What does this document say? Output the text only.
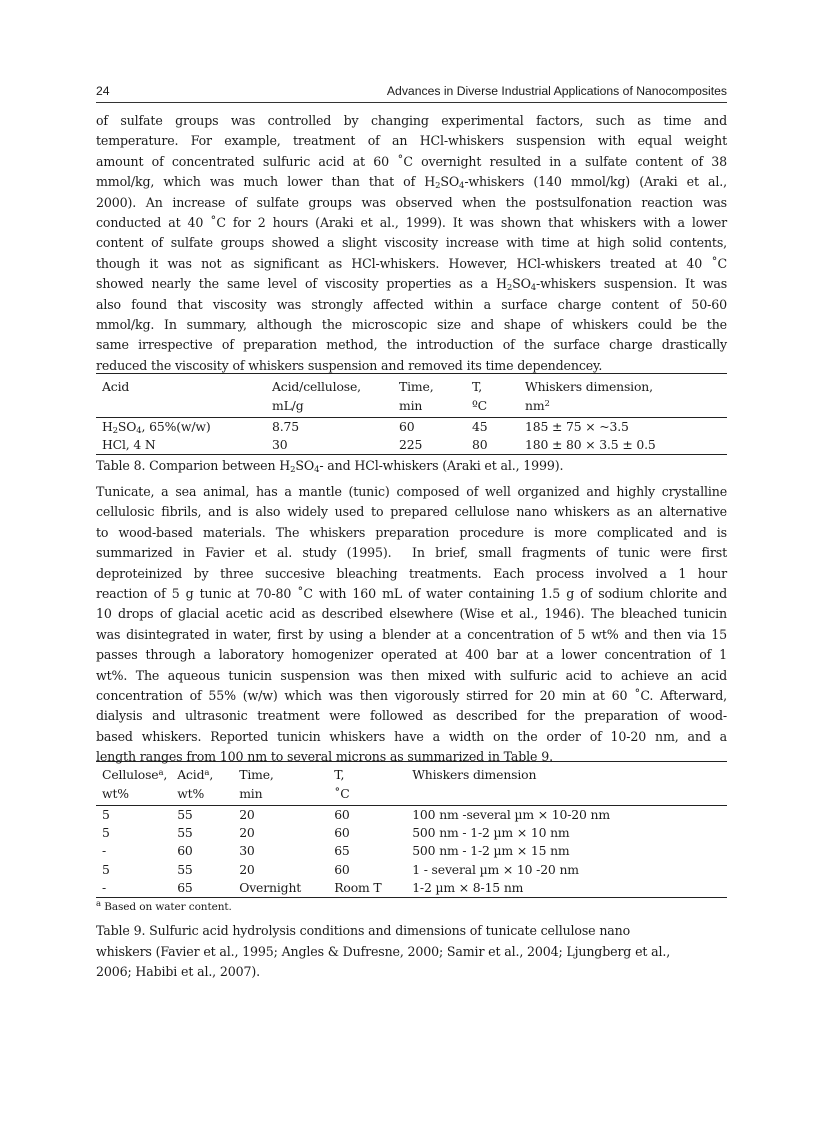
24	Advances in Diverse Industrial Applications of Nanocomposites
of sulfate groups was controlled by changing experimental factors, such as time and
temperature. For example, treatment of an HCl-whiskers suspension with equal weight
amount of concentrated sulfuric acid at 60 ˚C overnight resulted in a sulfate content of 38
mmol/kg, which was much lower than that of $H_2SO_4$-whiskers (140 mmol/kg) (Araki et al.,
2000). An increase of sulfate groups was observed when the postsulfonation reaction was
conducted at 40 ˚C for 2 hours (Araki et al., 1999). It was shown that whiskers with a lower
content of sulfate groups showed a slight viscosity increase with time at high solid contents,
though it was not as significant as HCl-whiskers. However, HCl-whiskers treated at 40 ˚C
showed nearly the same level of viscosity properties as a $H_2SO_4$-whiskers suspension. It was
also found that viscosity was strongly affected within a surface charge content of 50-60
mmol/kg. In summary, although the microscopic size and shape of whiskers could be the
same irrespective of preparation method, the introduction of the surface charge drastically
reduced the viscosity of whiskers suspension and removed its time dependencey.
Acid	Acid/cellulose,	Time,	T,	Whiskers dimension,
	mL/g	min	ºC	$nm^2$
$H_2SO_4$, 65%(w/w)	8.75	60	45	185 ± 75 × ~3.5
HCl, 4 N	30	225	80	180 ± 80 × 3.5 ± 0.5
Table 8. Comparion between $H_2SO_4-$ and HCl-whiskers (Araki et al., 1999).
Tunicate, a sea animal, has a mantle (tunic) composed of well organized and highly crystalline
cellulosic fibrils, and is also widely used to prepared cellulose nano whiskers as an alternative
to wood-based materials. The whiskers preparation procedure is more complicated and is
summarized in Favier et al. study (1995).  In brief, small fragments of tunic were first
deproteinized by three succesive bleaching treatments. Each process involved a 1 hour
reaction of 5 g tunic at 70-80 ˚C with 160 mL of water containing 1.5 g of sodium chlorite and
10 drops of glacial acetic acid as described elsewhere (Wise et al., 1946). The bleached tunicin
was disintegrated in water, first by using a blender at a concentration of 5 wt% and then via 15
passes through a laboratory homogenizer operated at 400 bar at a lower concentration of 1
wt%. The aqueous tunicin suspension was then mixed with sulfuric acid to achieve an acid
concentration of 55% (w/w) which was then vigorously stirred for 20 min at 60 ˚C. Afterward,
dialysis and ultrasonic treatment were followed as described for the preparation of wood-
based whiskers. Reported tunicin whiskers have a width on the order of 10-20 nm, and a
length ranges from 100 nm to several microns as summarized in Table 9.
Cellulose$^a$,	Acid$^a$,	Time,	T,	Whiskers dimension
wt%	wt%	min	˚C	
5	55	20	60	100 nm -several µm × 10-20 nm
5	55	20	60	500 nm - 1-2 µm × 10 nm
-	60	30	65	500 nm - 1-2 µm × 15 nm
5	55	20	60	1 - several µm × 10 -20 nm
-	65	Overnight	Room T	1-2 µm × 8-15 nm
$^a$ Based on water content.
Table 9. Sulfuric acid hydrolysis conditions and dimensions of tunicate cellulose nano
whiskers (Favier et al., 1995; Angles & Dufresne, 2000; Samir et al., 2004; Ljungberg et al.,
2006; Habibi et al., 2007).
